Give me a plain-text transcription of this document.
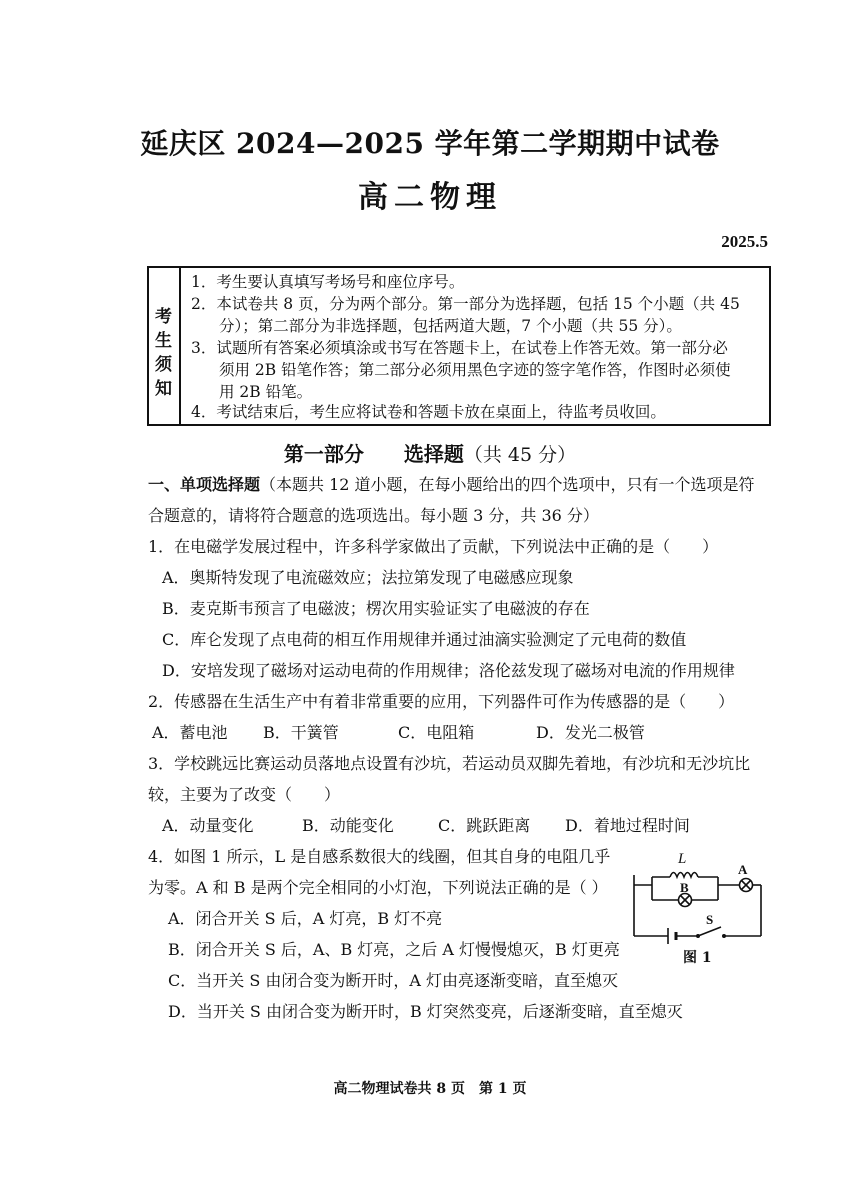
延庆区 2024—2025 学年第二学期期中试卷
高二物理
2025.5
考
生
须
知
1．考生要认真填写考场号和座位序号。
2．本试卷共 8 页，分为两个部分。第一部分为选择题，包括 15 个小题（共 45
分）；第二部分为非选择题，包括两道大题，7 个小题（共 55 分）。
3．试题所有答案必须填涂或书写在答题卡上，在试卷上作答无效。第一部分必
须用 2B 铅笔作答；第二部分必须用黑色字迹的签字笔作答，作图时必须使
用 2B 铅笔。
4．考试结束后，考生应将试卷和答题卡放在桌面上，待监考员收回。
第一部分　　选择题（共 45 分）
一、单项选择题（本题共 12 道小题，在每小题给出的四个选项中，只有一个选项是符
合题意的，请将符合题意的选项选出。每小题 3 分，共 36 分）
1．在电磁学发展过程中，许多科学家做出了贡献，下列说法中正确的是（　　）
A．奥斯特发现了电流磁效应；法拉第发现了电磁感应现象
B．麦克斯韦预言了电磁波；楞次用实验证实了电磁波的存在
C．库仑发现了点电荷的相互作用规律并通过油滴实验测定了元电荷的数值
D．安培发现了磁场对运动电荷的作用规律；洛伦兹发现了磁场对电流的作用规律
2．传感器在生活生产中有着非常重要的应用，下列器件可作为传感器的是（　　）
A．蓄电池 B．干簧管	C．电阻箱	D．发光二极管
3．学校跳远比赛运动员落地点设置有沙坑，若运动员双脚先着地，有沙坑和无沙坑比
较，主要为了改变（　　）
A．动量变化	B．动能变化	C．跳跃距离 D．着地过程时间
4．如图 1 所示，L 是自感系数很大的线圈，但其自身的电阻几乎
为零。A 和 B 是两个完全相同的小灯泡，下列说法正确的是（ ）
A．闭合开关 S 后，A 灯亮，B 灯不亮
B．闭合开关 S 后，A、B 灯亮，之后 A 灯慢慢熄灭，B 灯更亮
C．当开关 S 由闭合变为断开时，A 灯由亮逐渐变暗，直至熄灭
D．当开关 S 由闭合变为断开时，B 灯突然变亮，后逐渐变暗，直至熄灭
L
B
A
S
图 1
高二物理试卷共 8 页　第 1 页
